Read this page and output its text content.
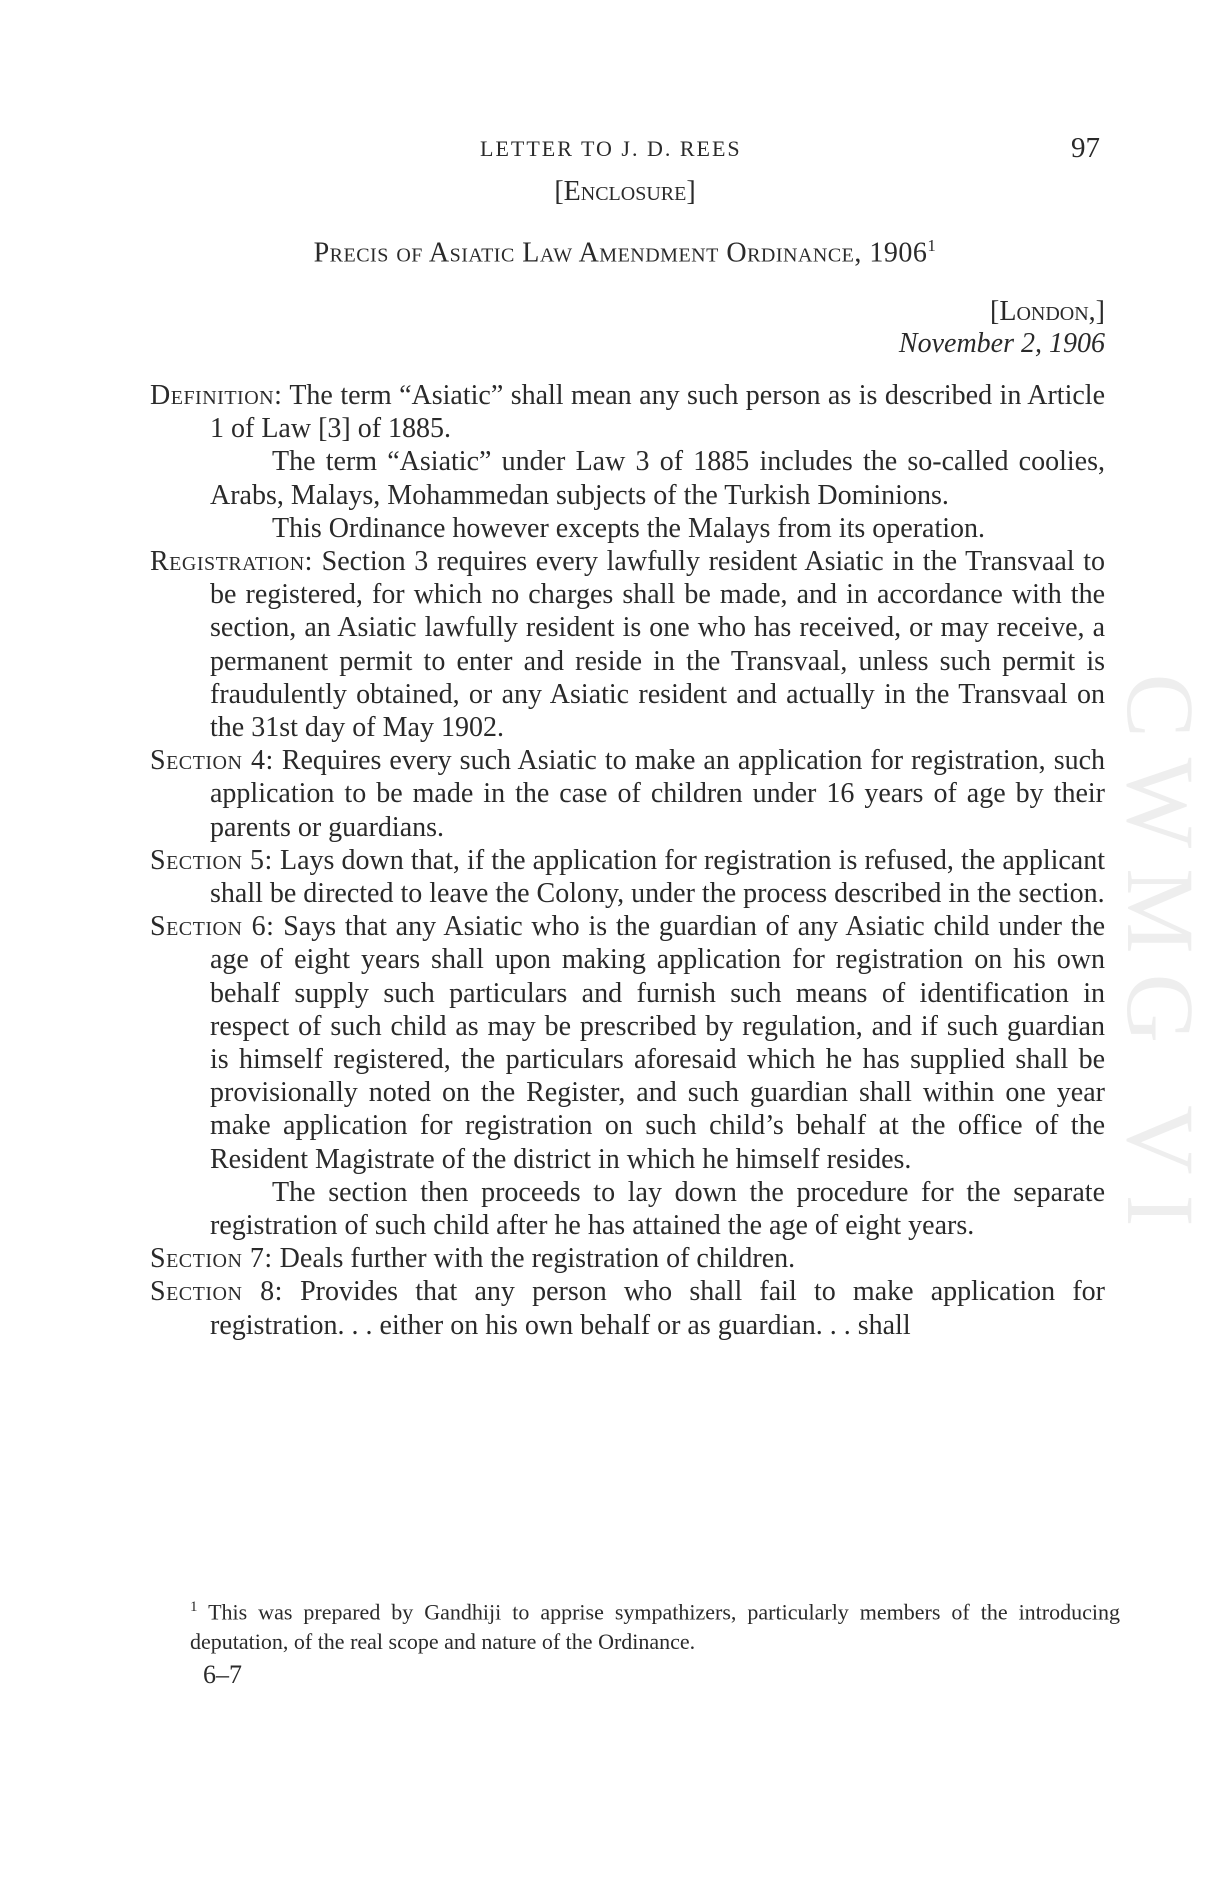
LETTER TO J. D. REES	97
[Enclosure]
Precis of Asiatic Law Amendment Ordinance, 1906$^1$
[London,]
November 2, 1906

Definition: The term “Asiatic” shall mean any such person as is described in Article 1 of Law [3] of 1885.

The term “Asiatic” under Law 3 of 1885 includes the so-called coolies, Arabs, Malays, Mohammedan subjects of the Turkish Dominions.

This Ordinance however excepts the Malays from its operation.

Registration: Section 3 requires every lawfully resident Asiatic in the Transvaal to be registered, for which no charges shall be made, and in accordance with the section, an Asiatic lawfully resident is one who has received, or may receive, a permanent permit to enter and reside in the Transvaal, unless such permit is fraudulently obtained, or any Asiatic resident and actually in the Transvaal on the 31st day of May 1902.

Section 4: Requires every such Asiatic to make an application for registration, such application to be made in the case of children under 16 years of age by their parents or guardians.

Section 5: Lays down that, if the application for registration is refused, the applicant shall be directed to leave the Colony, under the process described in the section.

Section 6: Says that any Asiatic who is the guardian of any Asiatic child under the age of eight years shall upon making application for registration on his own behalf supply such particulars and furnish such means of identification in respect of such child as may be prescribed by regulation, and if such guardian is himself registered, the particulars aforesaid which he has supplied shall be provisionally noted on the Register, and such guardian shall within one year make application for registration on such child’s behalf at the office of the Resident Magistrate of the district in which he himself resides.

The section then proceeds to lay down the procedure for the separate registration of such child after he has attained the age of eight years.

Section 7: Deals further with the registration of children.

Section 8: Provides that any person who shall fail to make application for registration. . . either on his own behalf or as guardian. . . shall

$^1$ This was prepared by Gandhiji to apprise sympathizers, particularly members of the introducing deputation, of the real scope and nature of the Ordinance.
6–7
CWMG VI
